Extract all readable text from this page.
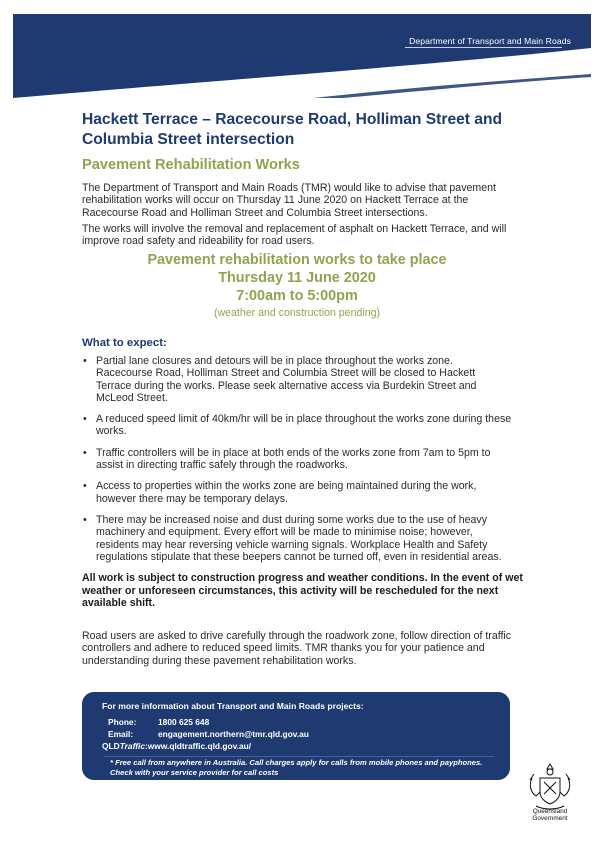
Department of Transport and Main Roads
Hackett Terrace – Racecourse Road, Holliman Street and Columbia Street intersection
Pavement Rehabilitation Works

The Department of Transport and Main Roads (TMR) would like to advise that pavement rehabilitation works will occur on Thursday 11 June 2020 on Hackett Terrace at the Racecourse Road and Holliman Street and Columbia Street intersections.

The works will involve the removal and replacement of asphalt on Hackett Terrace, and will improve road safety and rideability for road users.

Pavement rehabilitation works to take place

Thursday 11 June 2020

7:00am to 5:00pm

(weather and construction pending)

What to expect:
• Partial lane closures and detours will be in place throughout the works zone. Racecourse Road, Holliman Street and Columbia Street will be closed to Hackett Terrace during the works. Please seek alternative access via Burdekin Street and McLeod Street.
• A reduced speed limit of 40km/hr will be in place throughout the works zone during these works.
• Traffic controllers will be in place at both ends of the works zone from 7am to 5pm to assist in directing traffic safely through the roadworks.
• Access to properties within the works zone are being maintained during the work, however there may be temporary delays.
• There may be increased noise and dust during some works due to the use of heavy machinery and equipment. Every effort will be made to minimise noise; however, residents may hear reversing vehicle warning signals. Workplace Health and Safety regulations stipulate that these beepers cannot be turned off, even in residential areas.

All work is subject to construction progress and weather conditions. In the event of wet weather or unforeseen circumstances, this activity will be rescheduled for the next available shift.

Road users are asked to drive carefully through the roadwork zone, follow direction of traffic controllers and adhere to reduced speed limits. TMR thanks you for your patience and understanding during these pavement rehabilitation works.

For more information about Transport and Main Roads projects:
Phone:	1800 625 648
Email:	engagement.northern@tmr.qld.gov.au
QLDTraffic:www.qldtraffic.qld.gov.au/
* Free call from anywhere in Australia. Call charges apply for calls from mobile phones and payphones. Check with your service provider for call costs
Queensland
Government
